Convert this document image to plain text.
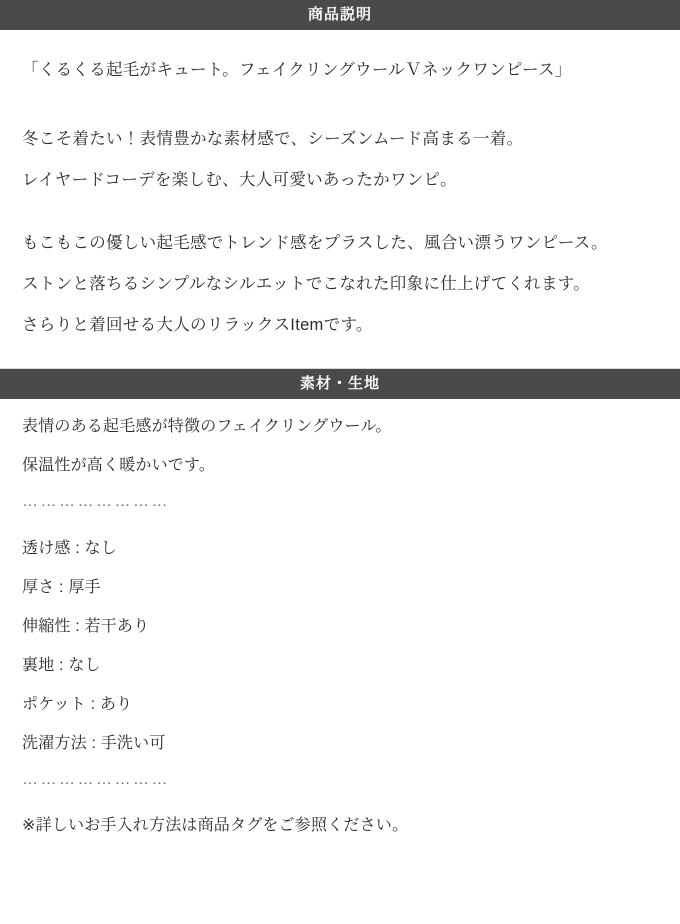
商品説明
「くるくる起毛がキュート。フェイクリングウールＶネックワンピース」
冬こそ着たい！表情豊かな素材感で、シーズンムード高まる一着。
レイヤードコーデを楽しむ、大人可愛いあったかワンピ。
もこもこの優しい起毛感でトレンド感をプラスした、風合い漂うワンピース。
ストンと落ちるシンプルなシルエットでこなれた印象に仕上げてくれます。
さらりと着回せる大人のリラックスItemです。
素材・生地
表情のある起毛感が特徴のフェイクリングウール。
保温性が高く暖かいです。
……………………
透け感 : なし
厚さ : 厚手
伸縮性 : 若干あり
裏地 : なし
ポケット : あり
洗濯方法 : 手洗い可
……………………
※詳しいお手入れ方法は商品タグをご参照ください。
